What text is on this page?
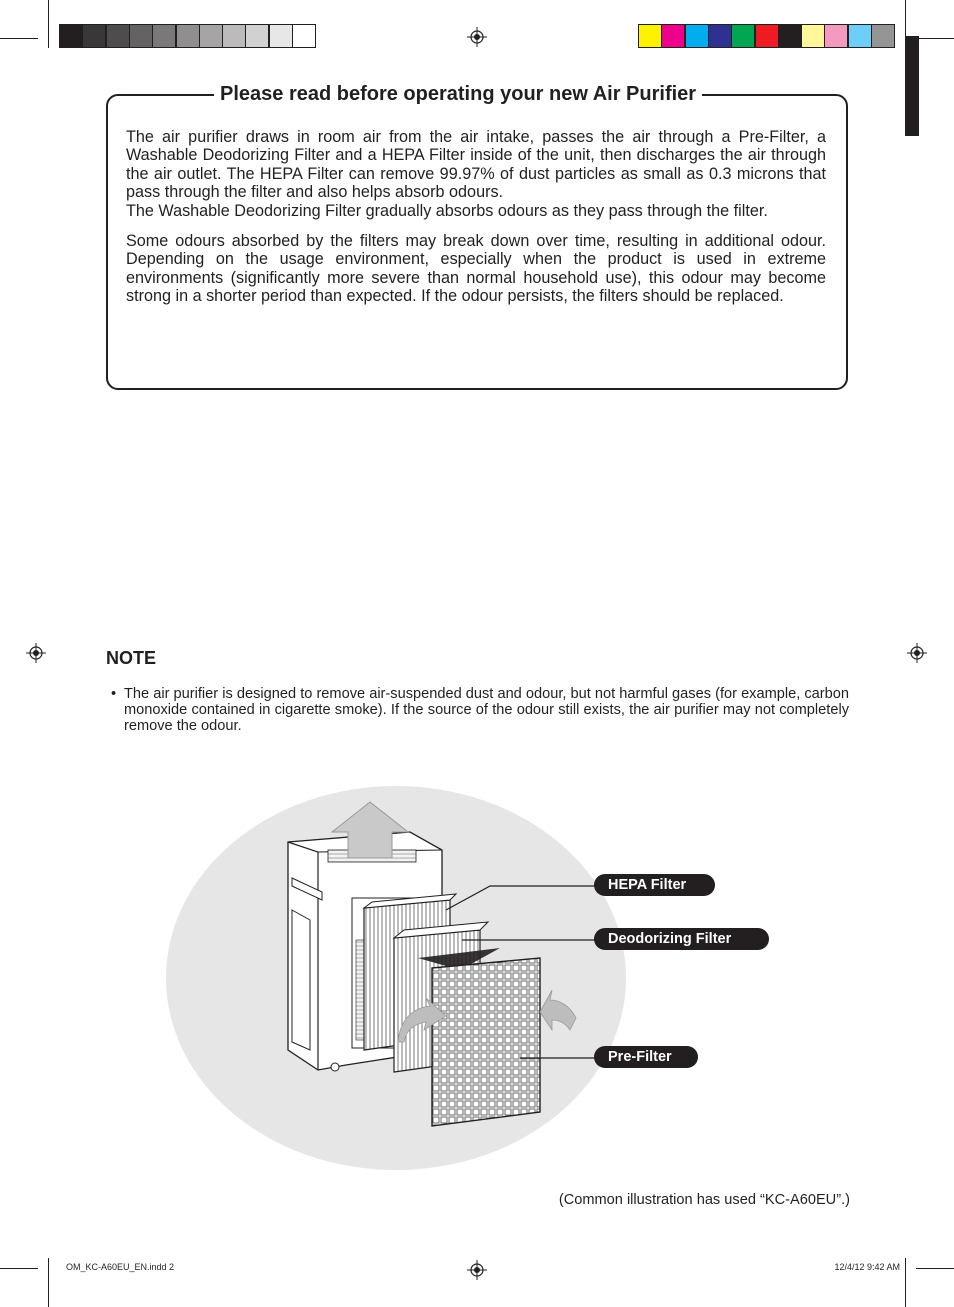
Please read before operating your new Air Purifier

The air purifier draws in room air from the air intake, passes the air through a Pre-Filter, a Washable Deodorizing Filter and a HEPA Filter inside of the unit, then discharges the air through the air outlet. The HEPA Filter can remove 99.97% of dust particles as small as 0.3 microns that pass through the filter and also helps absorb odours.

The Washable Deodorizing Filter gradually absorbs odours as they pass through the filter.

Some odours absorbed by the filters may break down over time, resulting in additional odour. Depending on the usage environment, especially when the product is used in extreme environments (significantly more severe than normal household use), this odour may become strong in a shorter period than expected. If the odour persists, the filters should be replaced.

NOTE
• The air purifier is designed to remove air-suspended dust and odour, but not harmful gases (for example, carbon monoxide contained in cigarette smoke). If the source of the odour still exists, the air purifier may not completely remove the odour.
HEPA Filter
Deodorizing Filter
Pre-Filter
(Common illustration has used “KC-A60EU”.)
OM_KC-A60EU_EN.indd 2	12/4/12 9:42 AM
